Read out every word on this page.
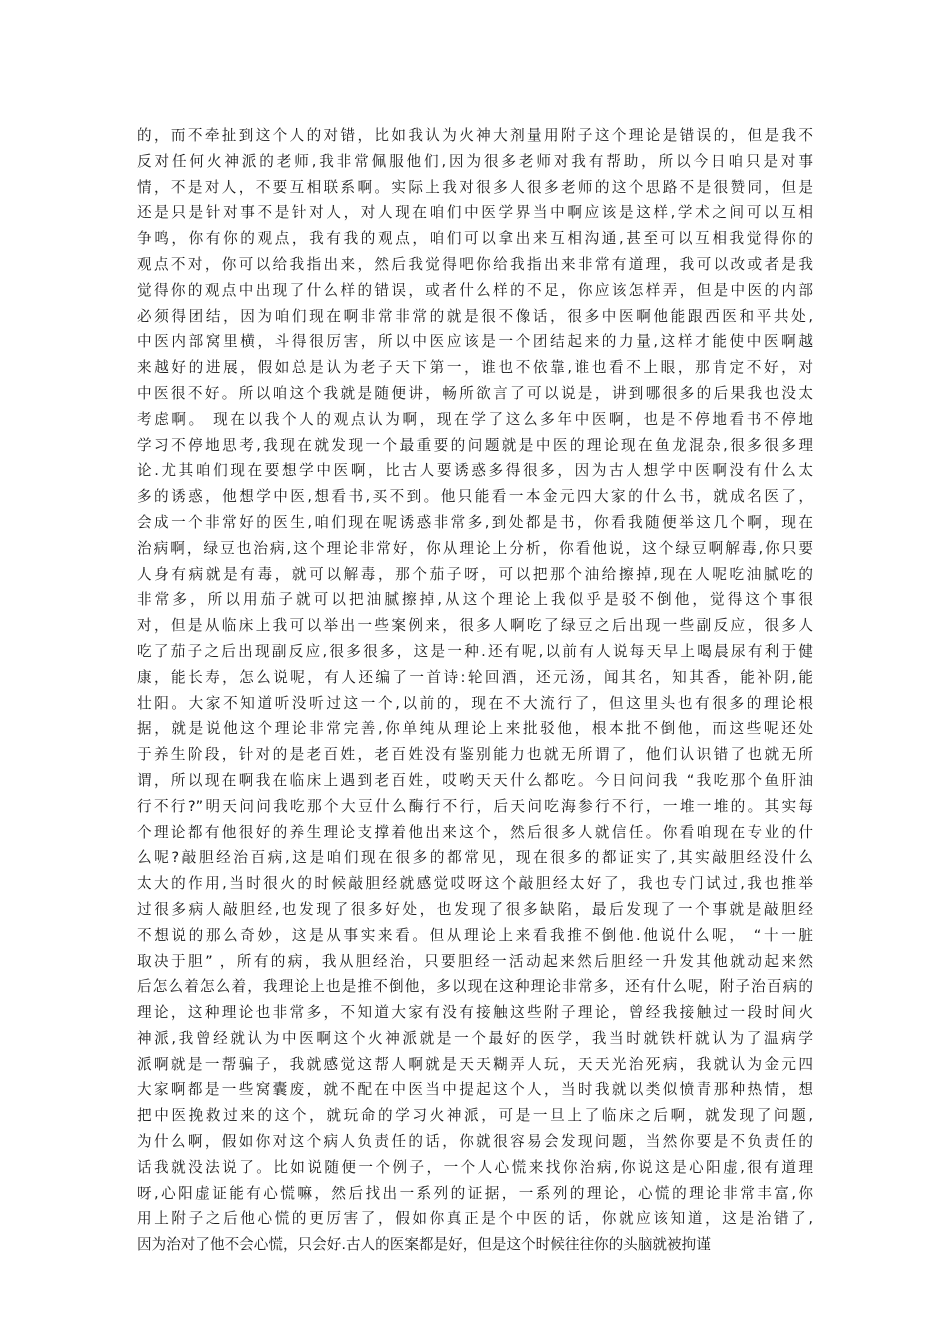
的，而不牵扯到这个人的对错，比如我认为火神大剂量用附子这个理论是错误的，但是我不
反对任何火神派的老师,我非常佩服他们,因为很多老师对我有帮助，所以今日咱只是对事
情，不是对人，不要互相联系啊。实际上我对很多人很多老师的这个思路不是很赞同，但是
还是只是针对事不是针对人，对人现在咱们中医学界当中啊应该是这样,学术之间可以互相
争鸣，你有你的观点，我有我的观点，咱们可以拿出来互相沟通,甚至可以互相我觉得你的
观点不对，你可以给我指出来，然后我觉得吧你给我指出来非常有道理，我可以改或者是我
觉得你的观点中出现了什么样的错误，或者什么样的不足，你应该怎样弄，但是中医的内部
必须得团结，因为咱们现在啊非常非常的就是很不像话，很多中医啊他能跟西医和平共处,
中医内部窝里横，斗得很厉害，所以中医应该是一个团结起来的力量,这样才能使中医啊越
来越好的进展，假如总是认为老子天下第一，谁也不依靠,谁也看不上眼，那肯定不好，对
中医很不好。所以咱这个我就是随便讲，畅所欲言了可以说是，讲到哪很多的后果我也没太
考虑啊。 现在以我个人的观点认为啊，现在学了这么多年中医啊，也是不停地看书不停地
学习不停地思考,我现在就发现一个最重要的问题就是中医的理论现在鱼龙混杂,很多很多理
论.尤其咱们现在要想学中医啊，比古人要诱惑多得很多，因为古人想学中医啊没有什么太
多的诱惑，他想学中医,想看书,买不到。他只能看一本金元四大家的什么书，就成名医了，
会成一个非常好的医生,咱们现在呢诱惑非常多,到处都是书，你看我随便举这几个啊，现在
治病啊，绿豆也治病,这个理论非常好，你从理论上分析，你看他说，这个绿豆啊解毒,你只要
人身有病就是有毒，就可以解毒，那个茄子呀，可以把那个油给擦掉,现在人呢吃油腻吃的
非常多，所以用茄子就可以把油腻擦掉,从这个理论上我似乎是驳不倒他，觉得这个事很
对，但是从临床上我可以举出一些案例来，很多人啊吃了绿豆之后出现一些副反应，很多人
吃了茄子之后出现副反应,很多很多，这是一种.还有呢,以前有人说每天早上喝晨尿有利于健
康，能长寿，怎么说呢，有人还编了一首诗:轮回酒，还元汤，闻其名，知其香，能补阴,能
壮阳。大家不知道听没听过这一个,以前的，现在不大流行了，但这里头也有很多的理论根
据，就是说他这个理论非常完善,你单纯从理论上来批驳他，根本批不倒他，而这些呢还处
于养生阶段，针对的是老百姓，老百姓没有鉴别能力也就无所谓了，他们认识错了也就无所
谓，所以现在啊我在临床上遇到老百姓，哎哟天天什么都吃。今日问问我 “我吃那个鱼肝油
行不行?”明天问问我吃那个大豆什么酶行不行，后天问吃海参行不行，一堆一堆的。其实每
个理论都有他很好的养生理论支撑着他出来这个，然后很多人就信任。你看咱现在专业的什
么呢?敲胆经治百病,这是咱们现在很多的都常见，现在很多的都证实了,其实敲胆经没什么
太大的作用,当时很火的时候敲胆经就感觉哎呀这个敲胆经太好了，我也专门试过,我也推举
过很多病人敲胆经,也发现了很多好处，也发现了很多缺陷，最后发现了一个事就是敲胆经
不想说的那么奇妙，这是从事实来看。但从理论上来看我推不倒他.他说什么呢， “十一脏
取决于胆” ，所有的病，我从胆经治，只要胆经一活动起来然后胆经一升发其他就动起来然
后怎么着怎么着，我理论上也是推不倒他，多以现在这种理论非常多，还有什么呢，附子治百病的
理论，这种理论也非常多，不知道大家有没有接触这些附子理论，曾经我接触过一段时间火
神派,我曾经就认为中医啊这个火神派就是一个最好的医学，我当时就铁杆就认为了温病学
派啊就是一帮骗子，我就感觉这帮人啊就是天天糊弄人玩，天天光治死病，我就认为金元四
大家啊都是一些窝囊废，就不配在中医当中提起这个人，当时我就以类似愤青那种热情，想
把中医挽救过来的这个，就玩命的学习火神派，可是一旦上了临床之后啊，就发现了问题,
为什么啊，假如你对这个病人负责任的话，你就很容易会发现问题，当然你要是不负责任的
话我就没法说了。比如说随便一个例子，一个人心慌来找你治病,你说这是心阳虚,很有道理
呀,心阳虚证能有心慌嘛，然后找出一系列的证据，一系列的理论，心慌的理论非常丰富,你
用上附子之后他心慌的更厉害了，假如你真正是个中医的话，你就应该知道，这是治错了,
因为治对了他不会心慌，只会好.古人的医案都是好，但是这个时候往往你的头脑就被拘谨
